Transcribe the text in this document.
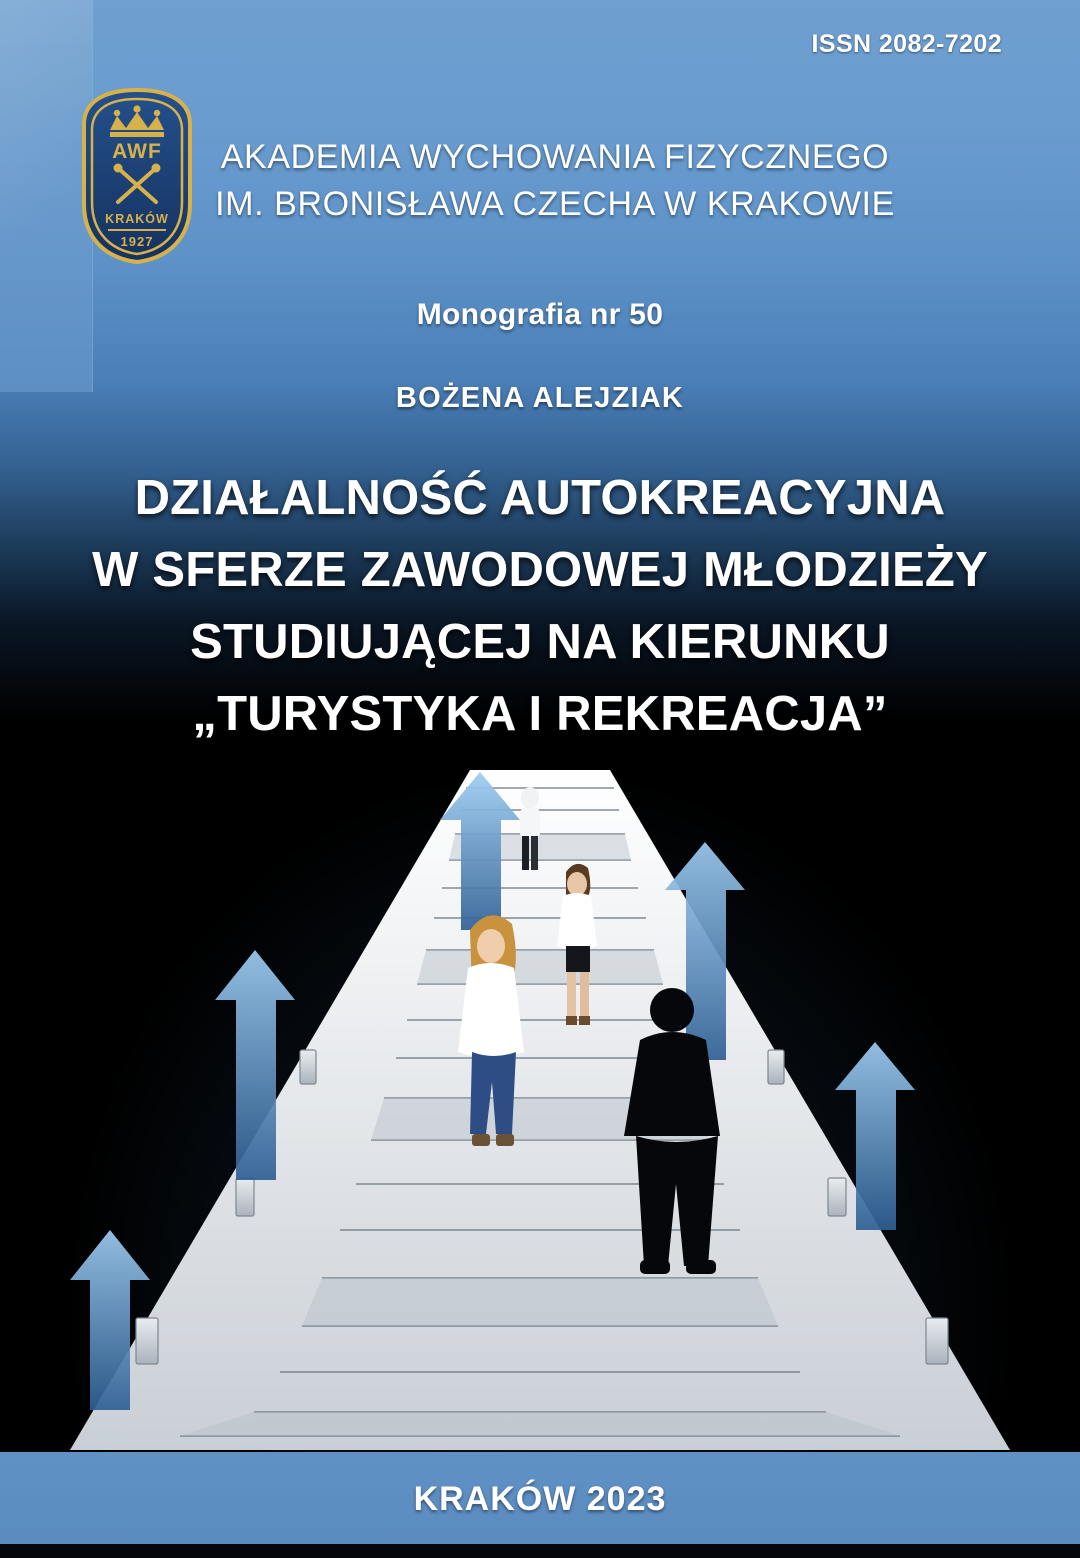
ISSN 2082-7202
AWF
KRAKÓW
1927
AKADEMIA WYCHOWANIA FIZYCZNEGO
IM. BRONISŁAWA CZECHA W KRAKOWIE
Monografia nr 50
BOŻENA ALEJZIAK
DZIAŁALNOŚĆ AUTOKREACYJNA
W SFERZE ZAWODOWEJ MŁODZIEŻY
STUDIUJĄCEJ NA KIERUNKU
„TURYSTYKA I REKREACJA”
KRAKÓW 2023
